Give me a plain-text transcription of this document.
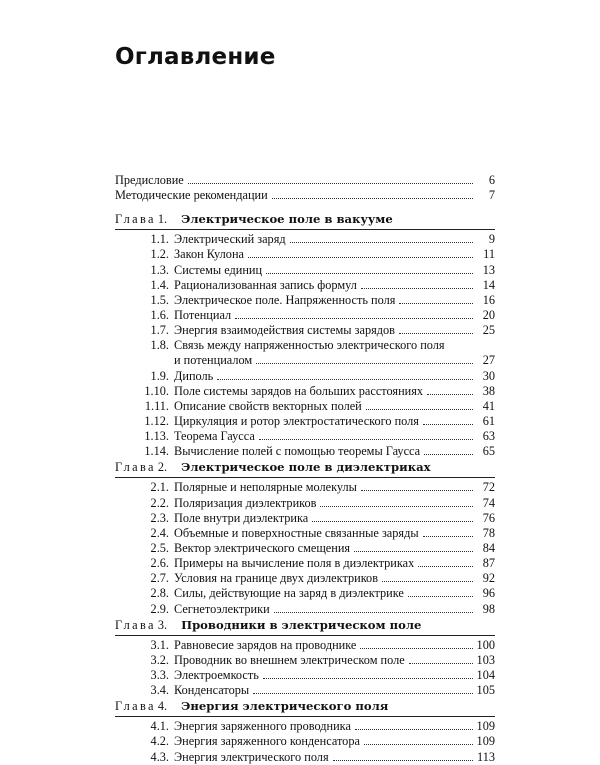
Оглавление
Предисловие	6
Методические рекомендации	7
Глава 1. Электрическое поле в вакууме
1.1. Электрический заряд	9
1.2. Закон Кулона	11
1.3. Системы единиц	13
1.4. Рационализованная запись формул	14
1.5. Электрическое поле. Напряженность поля	16
1.6. Потенциал	20
1.7. Энергия взаимодействия системы зарядов	25
1.8. Связь между напряженностью электрического поля
и потенциалом	27
1.9. Диполь	30
1.10. Поле системы зарядов на больших расстояниях	38
1.11. Описание свойств векторных полей	41
1.12. Циркуляция и ротор электростатического поля	61
1.13. Теорема Гаусса	63
1.14. Вычисление полей с помощью теоремы Гаусса	65
Глава 2. Электрическое поле в диэлектриках
2.1. Полярные и неполярные молекулы	72
2.2. Поляризация диэлектриков	74
2.3. Поле внутри диэлектрика	76
2.4. Объемные и поверхностные связанные заряды	78
2.5. Вектор электрического смещения	84
2.6. Примеры на вычисление поля в диэлектриках	87
2.7. Условия на границе двух диэлектриков	92
2.8. Силы, действующие на заряд в диэлектрике	96
2.9. Сегнетоэлектрики	98
Глава 3. Проводники в электрическом поле
3.1. Равновесие зарядов на проводнике	100
3.2. Проводник во внешнем электрическом поле	103
3.3. Электроемкость	104
3.4. Конденсаторы	105
Глава 4. Энергия электрического поля
4.1. Энергия заряженного проводника	109
4.2. Энергия заряженного конденсатора	109
4.3. Энергия электрического поля	113
